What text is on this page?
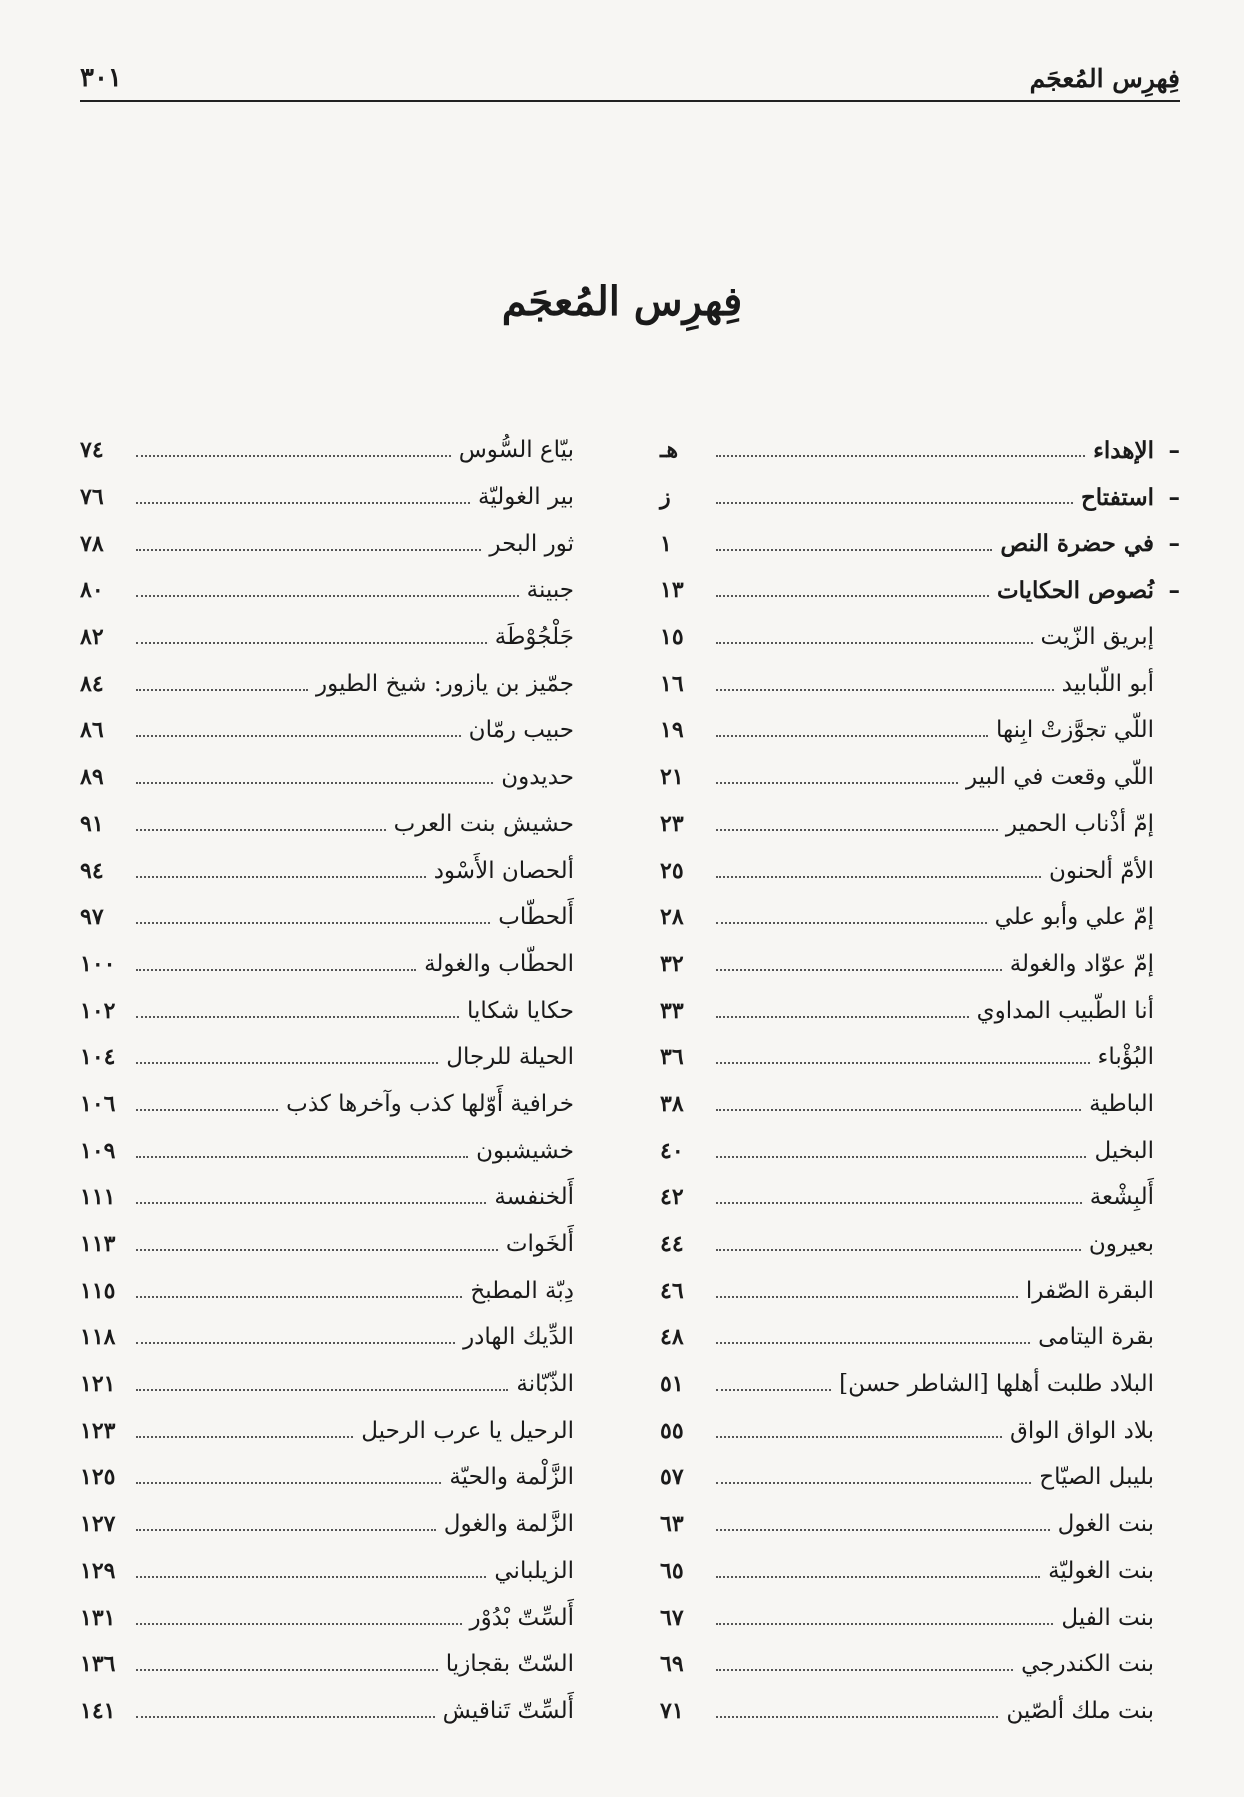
فِهرِس المُعجَم
٣٠١
فِهرِس المُعجَم
–
الإهداء
هـ
–
استفتاح
ز
–
في حضرة النص
١
–
نُصوص الحكايات
١٣
إبريق الزّيت
١٥
أبو اللّبابيد
١٦
اللّي تجوَّزتْ ابِنها
١٩
اللّي وقعت في البير
٢١
إمّ أذْناب الحمير
٢٣
الأمّ ألحنون
٢٥
إمّ علي وأبو علي
٢٨
إمّ عوّاد والغولة
٣٢
أنا الطّبيب المداوي
٣٣
البُؤْباء
٣٦
الباطية
٣٨
البخيل
٤٠
أَلبِشْعة
٤٢
بعيرون
٤٤
البقرة الصّفرا
٤٦
بقرة اليتامى
٤٨
البلاد طلبت أهلها [الشاطر حسن]
٥١
بلاد الواق الواق
٥٥
بليبل الصيّاح
٥٧
بنت الغول
٦٣
بنت الغوليّة
٦٥
بنت الفيل
٦٧
بنت الكندرجي
٦٩
بنت ملك ألصّين
٧١
بيّاع السُّوس
٧٤
بير الغوليّة
٧٦
ثور البحر
٧٨
جبينة
٨٠
جَلْجُوْطَة
٨٢
جمّيز بن يازور: شيخ الطيور
٨٤
حبيب رمّان
٨٦
حديدون
٨٩
حشيش بنت العرب
٩١
ألحصان الأَسْود
٩٤
أَلحطّاب
٩٧
الحطّاب والغولة
١٠٠
حكايا شكايا
١٠٢
الحيلة للرجال
١٠٤
خرافية أَوّلها كذب وآخرها كذب
١٠٦
خشيشبون
١٠٩
أَلخنفسة
١١١
أَلخَوات
١١٣
دِبّة المطبخ
١١٥
الدِّيك الهادر
١١٨
الذّبّانة
١٢١
الرحيل يا عرب الرحيل
١٢٣
الزَّلْمة والحيّة
١٢٥
الزَّلمة والغول
١٢٧
الزيلباني
١٢٩
أَلسِّتّ بْدُوْر
١٣١
السّتّ بقجازيا
١٣٦
أَلسِّتّ تَناقيش
١٤١
